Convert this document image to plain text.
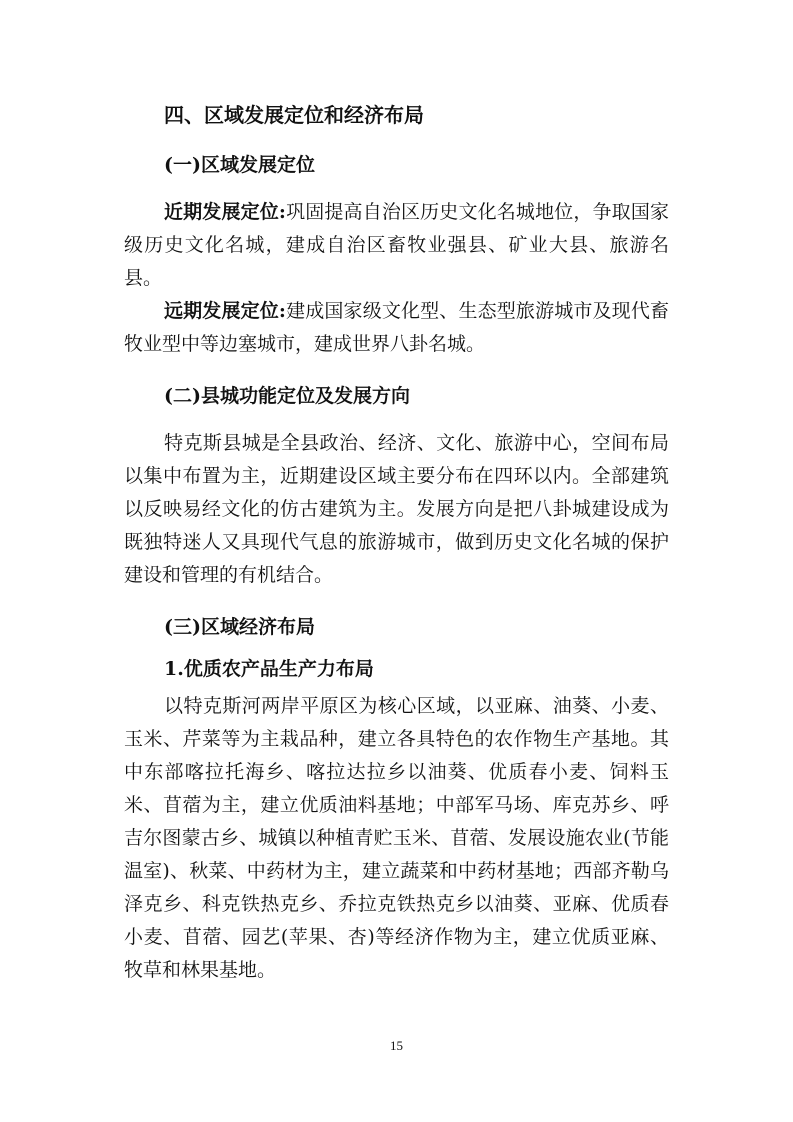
四、区域发展定位和经济布局
(一)区域发展定位

近期发展定位:巩固提高自治区历史文化名城地位，争取国家级历史文化名城，建成自治区畜牧业强县、矿业大县、旅游名县。

远期发展定位:建成国家级文化型、生态型旅游城市及现代畜牧业型中等边塞城市，建成世界八卦名城。

(二)县城功能定位及发展方向

特克斯县城是全县政治、经济、文化、旅游中心，空间布局以集中布置为主，近期建设区域主要分布在四环以内。全部建筑以反映易经文化的仿古建筑为主。发展方向是把八卦城建设成为既独特迷人又具现代气息的旅游城市，做到历史文化名城的保护建设和管理的有机结合。

(三)区域经济布局
1.优质农产品生产力布局

以特克斯河两岸平原区为核心区域，以亚麻、油葵、小麦、玉米、芹菜等为主栽品种，建立各具特色的农作物生产基地。其中东部喀拉托海乡、喀拉达拉乡以油葵、优质春小麦、饲料玉米、苜蓿为主，建立优质油料基地；中部军马场、库克苏乡、呼吉尔图蒙古乡、城镇以种植青贮玉米、苜蓿、发展设施农业(节能温室)、秋菜、中药材为主，建立蔬菜和中药材基地；西部齐勒乌泽克乡、科克铁热克乡、乔拉克铁热克乡以油葵、亚麻、优质春小麦、苜蓿、园艺(苹果、杏)等经济作物为主，建立优质亚麻、牧草和林果基地。

15
